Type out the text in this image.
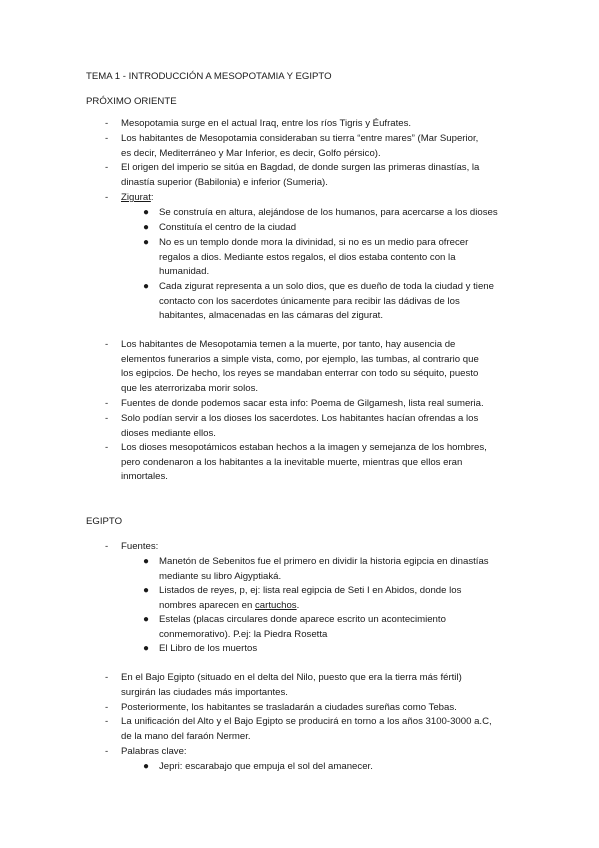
TEMA 1 - INTRODUCCIÓN A MESOPOTAMIA Y EGIPTO
PRÓXIMO ORIENTE
-	Mesopotamia surge en el actual Iraq, entre los ríos Tigris y Éufrates.
-	Los habitantes de Mesopotamia consideraban su tierra “entre mares” (Mar Superior,
es decir, Mediterráneo y Mar Inferior, es decir, Golfo pérsico).
-	El origen del imperio se sitúa en Bagdad, de donde surgen las primeras dinastías, la
dinastía superior (Babilonia) e inferior (Sumeria).
-	Zigurat:
● Se construía en altura, alejándose de los humanos, para acercarse a los dioses
● Constituía el centro de la ciudad
● No es un templo donde mora la divinidad, si no es un medio para ofrecer
regalos a dios. Mediante estos regalos, el dios estaba contento con la
humanidad.
● Cada zigurat representa a un solo dios, que es dueño de toda la ciudad y tiene
contacto con los sacerdotes únicamente para recibir las dádivas de los
habitantes, almacenadas en las cámaras del zigurat.
-	Los habitantes de Mesopotamia temen a la muerte, por tanto, hay ausencia de
elementos funerarios a simple vista, como, por ejemplo, las tumbas, al contrario que
los egipcios. De hecho, los reyes se mandaban enterrar con todo su séquito, puesto
que les aterrorizaba morir solos.
-	Fuentes de donde podemos sacar esta info: Poema de Gilgamesh, lista real sumeria.
-	Solo podían servir a los dioses los sacerdotes. Los habitantes hacían ofrendas a los
dioses mediante ellos.
-	Los dioses mesopotámicos estaban hechos a la imagen y semejanza de los hombres,
pero condenaron a los habitantes a la inevitable muerte, mientras que ellos eran
inmortales.
EGIPTO
-	Fuentes:
● Manetón de Sebenitos fue el primero en dividir la historia egipcia en dinastías
mediante su libro Aigyptiaká.
● Listados de reyes, p, ej: lista real egipcia de Seti I en Abidos, donde los
nombres aparecen en cartuchos.
● Estelas (placas circulares donde aparece escrito un acontecimiento
conmemorativo). P.ej: la Piedra Rosetta
● El Libro de los muertos
-	En el Bajo Egipto (situado en el delta del Nilo, puesto que era la tierra más fértil)
surgirán las ciudades más importantes.
-	Posteriormente, los habitantes se trasladarán a ciudades sureñas como Tebas.
-	La unificación del Alto y el Bajo Egipto se producirá en torno a los años 3100-3000 a.C,
de la mano del faraón Nermer.
-	Palabras clave:
● Jepri: escarabajo que empuja el sol del amanecer.
